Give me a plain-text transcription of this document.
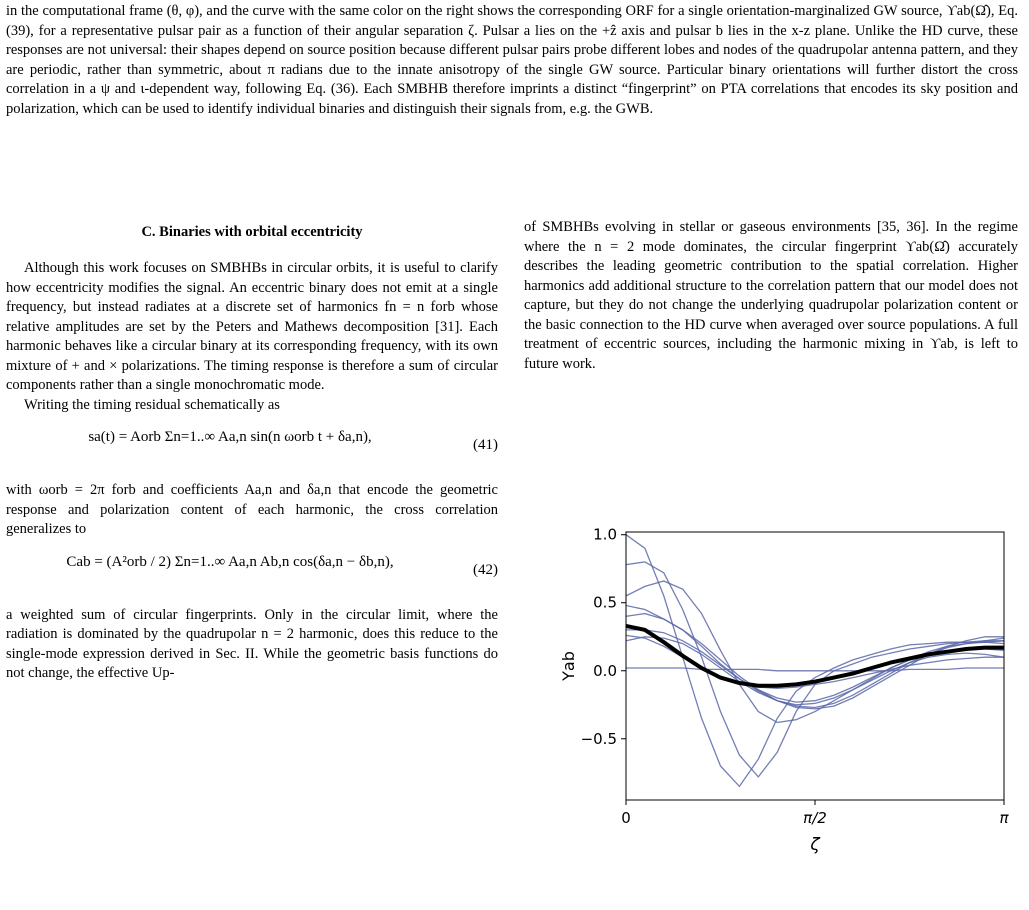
in the computational frame (θ, φ), and the curve with the same color on the right shows the corresponding ORF for a single orientation-marginalized GW source, ϒab(Ω̂), Eq. (39), for a representative pulsar pair as a function of their angular separation ζ. Pulsar a lies on the +ẑ axis and pulsar b lies in the x-z plane. Unlike the HD curve, these responses are not universal: their shapes depend on source position because different pulsar pairs probe different lobes and nodes of the quadrupolar antenna pattern, and they are periodic, rather than symmetric, about π radians due to the innate anisotropy of the single GW source. Particular binary orientations will further distort the cross correlation in a ψ and ι-dependent way, following Eq. (36). Each SMBHB therefore imprints a distinct “fingerprint” on PTA correlations that encodes its sky position and polarization, which can be used to identify individual binaries and distinguish their signals from, e.g. the GWB.
C. Binaries with orbital eccentricity

Although this work focuses on SMBHBs in circular orbits, it is useful to clarify how eccentricity modifies the signal. An eccentric binary does not emit at a single frequency, but instead radiates at a discrete set of harmonics fn = n forb whose relative amplitudes are set by the Peters and Mathews decomposition [31]. Each harmonic behaves like a circular binary at its corresponding frequency, with its own mixture of + and × polarizations. The timing response is therefore a sum of circular components rather than a single monochromatic mode.

Writing the timing residual schematically as

sa(t) = Aorb Σn=1..∞ Aa,n sin(n ωorb t + δa,n),	(41)

with ωorb = 2π forb and coefficients Aa,n and δa,n that encode the geometric response and polarization content of each harmonic, the cross correlation generalizes to

Cab = (A²orb / 2) Σn=1..∞ Aa,n Ab,n cos(δa,n − δb,n),	(42)

a weighted sum of circular fingerprints. Only in the circular limit, where the radiation is dominated by the quadrupolar n = 2 harmonic, does this reduce to the single-mode expression derived in Sec. II. While the geometric basis functions do not change, the effective Up-

of SMBHBs evolving in stellar or gaseous environments [35, 36]. In the regime where the n = 2 mode dominates, the circular fingerprint ϒab(Ω̂) accurately describes the leading geometric contribution to the spatial correlation. Higher harmonics add additional structure to the correlation pattern that our model does not capture, but they do not change the underlying quadrupolar polarization content or the basic connection to the HD curve when averaged over source populations. A full treatment of eccentric sources, including the harmonic mixing in ϒab, is left to future work.

−0.5
0.0
0.5
1.0
0	π/2	π
ζ
Υab
